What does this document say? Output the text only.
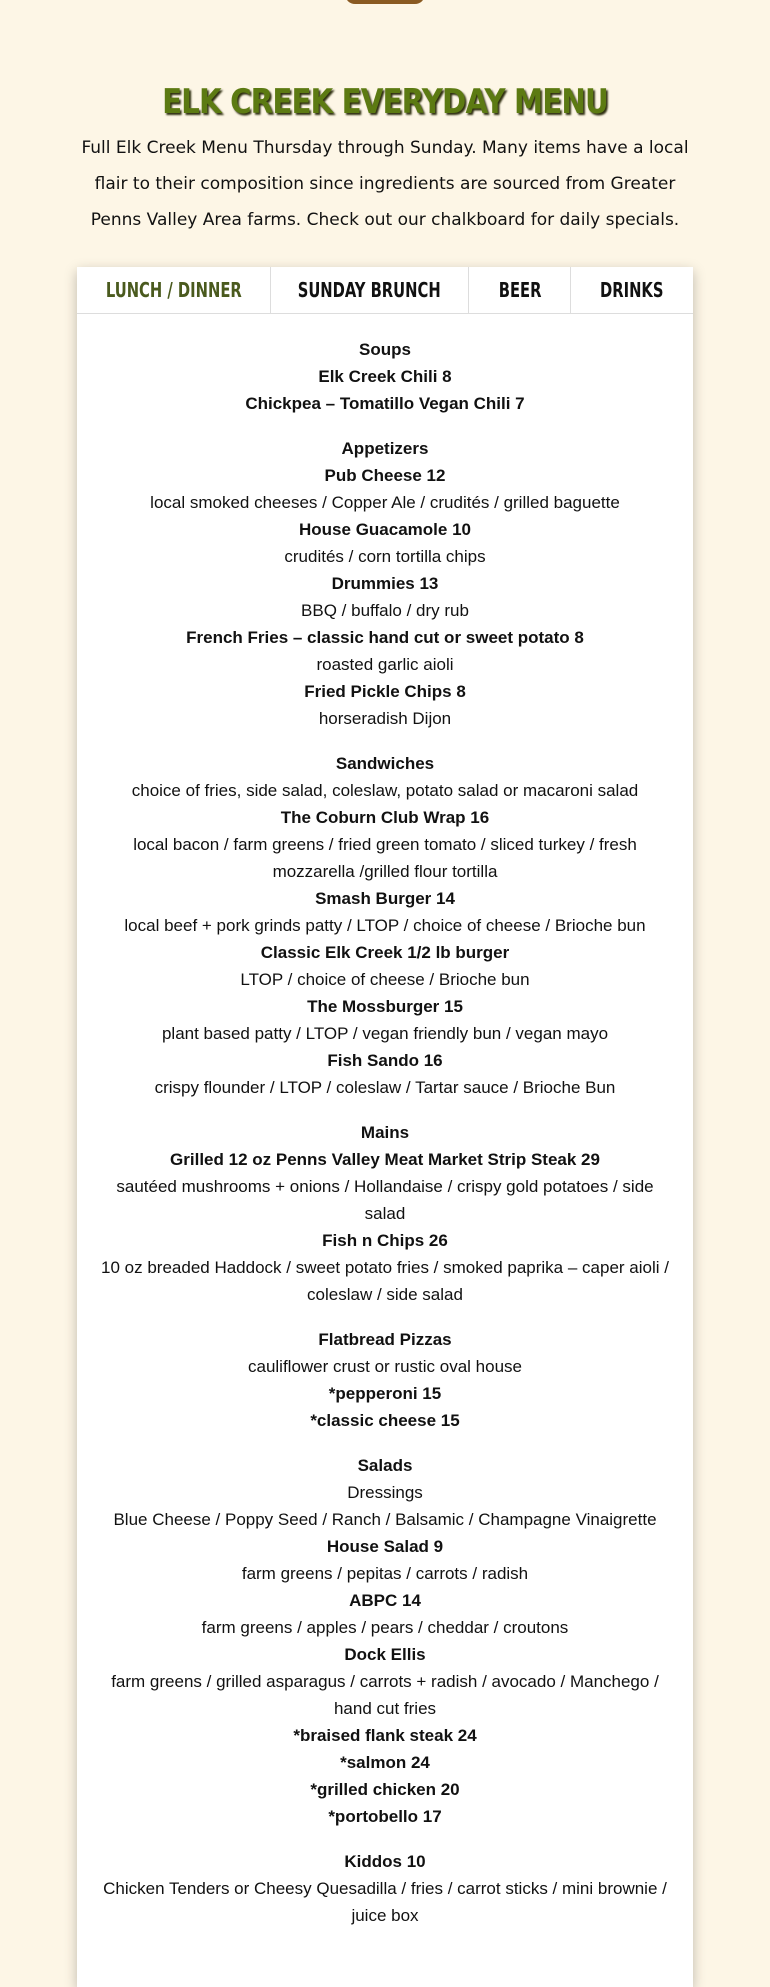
ELK CREEK EVERYDAY MENU

Full Elk Creek Menu Thursday through Sunday. Many items have a local flair to their composition since ingredients are sourced from Greater Penns Valley Area farms. Check out our chalkboard for daily specials.

LUNCH / DINNER	SUNDAY BRUNCH	BEER	DRINKS

Soups

Elk Creek Chili 8

Chickpea – Tomatillo Vegan Chili 7

Appetizers

Pub Cheese 12

local smoked cheeses / Copper Ale / crudités / grilled baguette

House Guacamole 10

crudités / corn tortilla chips

Drummies 13

BBQ / buffalo / dry rub

French Fries – classic hand cut or sweet potato 8

roasted garlic aioli

Fried Pickle Chips 8

horseradish Dijon

Sandwiches

choice of fries, side salad, coleslaw, potato salad or macaroni salad

The Coburn Club Wrap 16

local bacon / farm greens / fried green tomato / sliced turkey / fresh mozzarella /grilled flour tortilla

Smash Burger 14

local beef + pork grinds patty / LTOP / choice of cheese / Brioche bun

Classic Elk Creek 1/2 lb burger

LTOP / choice of cheese / Brioche bun

The Mossburger 15

plant based patty / LTOP / vegan friendly bun / vegan mayo

Fish Sando 16

crispy flounder / LTOP / coleslaw / Tartar sauce / Brioche Bun

Mains

Grilled 12 oz Penns Valley Meat Market Strip Steak 29

sautéed mushrooms + onions / Hollandaise / crispy gold potatoes / side salad

Fish n Chips 26

10 oz breaded Haddock / sweet potato fries / smoked paprika – caper aioli / coleslaw / side salad

Flatbread Pizzas

cauliflower crust or rustic oval house

*pepperoni 15

*classic cheese 15

Salads

Dressings

Blue Cheese / Poppy Seed / Ranch / Balsamic / Champagne Vinaigrette

House Salad 9

farm greens / pepitas / carrots / radish

ABPC 14

farm greens / apples / pears / cheddar / croutons

Dock Ellis

farm greens / grilled asparagus / carrots + radish / avocado / Manchego / hand cut fries

*braised flank steak 24

*salmon 24

*grilled chicken 20

*portobello 17

Kiddos 10

Chicken Tenders or Cheesy Quesadilla / fries / carrot sticks / mini brownie / juice box
